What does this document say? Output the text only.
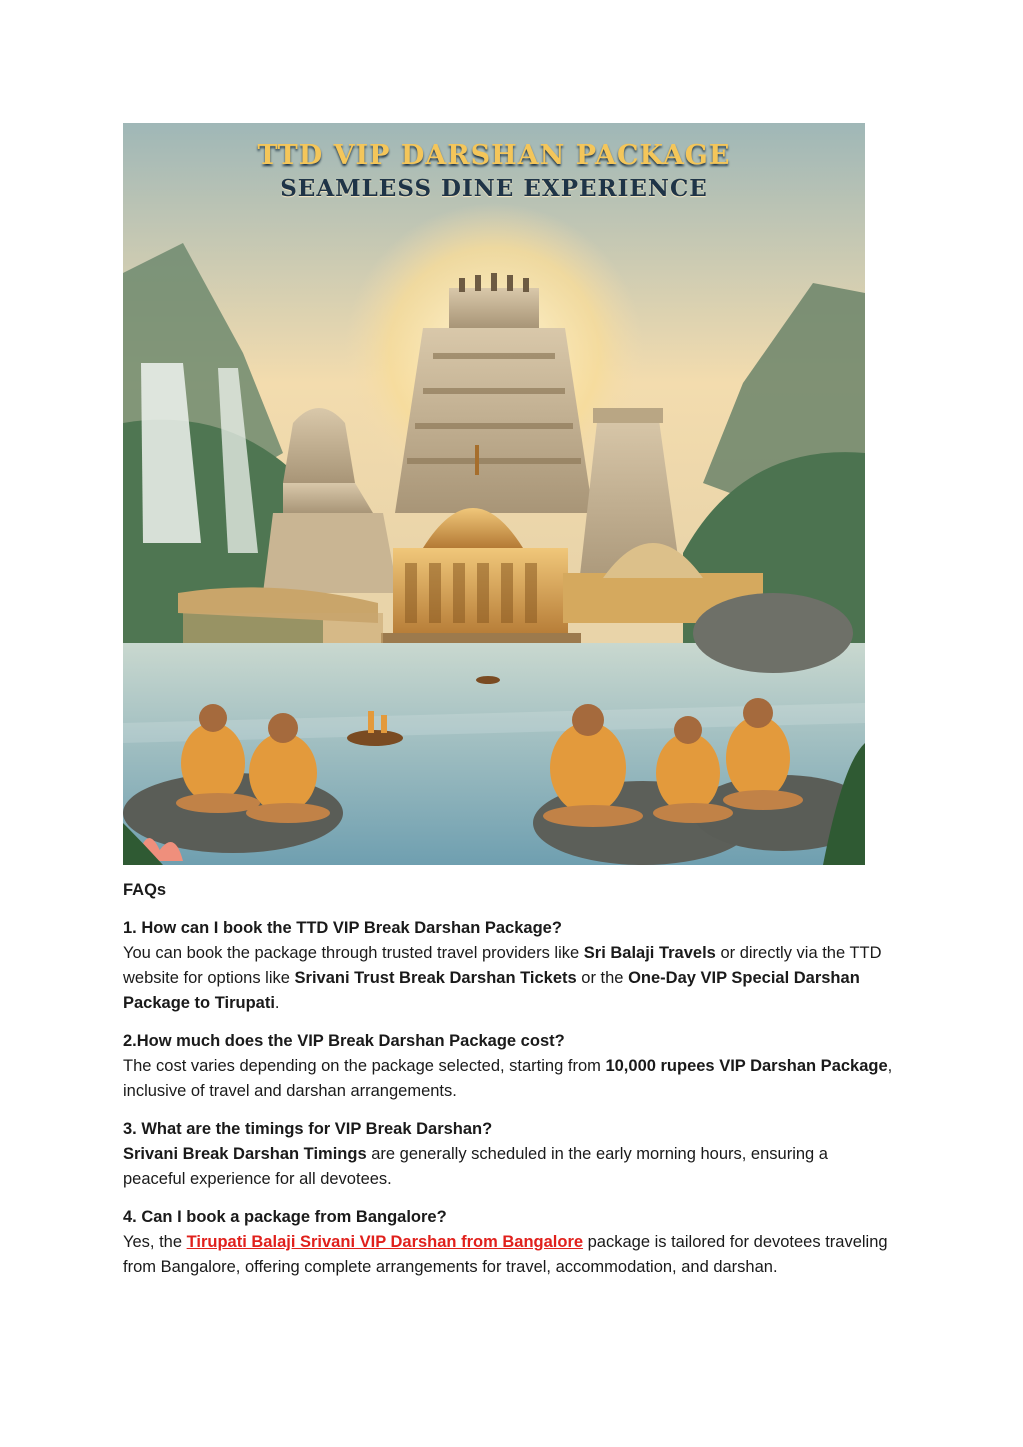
TTD VIP DARSHAN PACKAGE
SEAMLESS DINE EXPERIENCE

FAQs

1. How can I book the TTD VIP Break Darshan Package?
You can book the package through trusted travel providers like Sri Balaji Travels or directly via the TTD website for options like Srivani Trust Break Darshan Tickets or the One-Day VIP Special Darshan Package to Tirupati.

2.How much does the VIP Break Darshan Package cost?
The cost varies depending on the package selected, starting from 10,000 rupees VIP Darshan Package, inclusive of travel and darshan arrangements.

3. What are the timings for VIP Break Darshan?
Srivani Break Darshan Timings are generally scheduled in the early morning hours, ensuring a peaceful experience for all devotees.

4. Can I book a package from Bangalore?
Yes, the Tirupati Balaji Srivani VIP Darshan from Bangalore package is tailored for devotees traveling from Bangalore, offering complete arrangements for travel, accommodation, and darshan.
